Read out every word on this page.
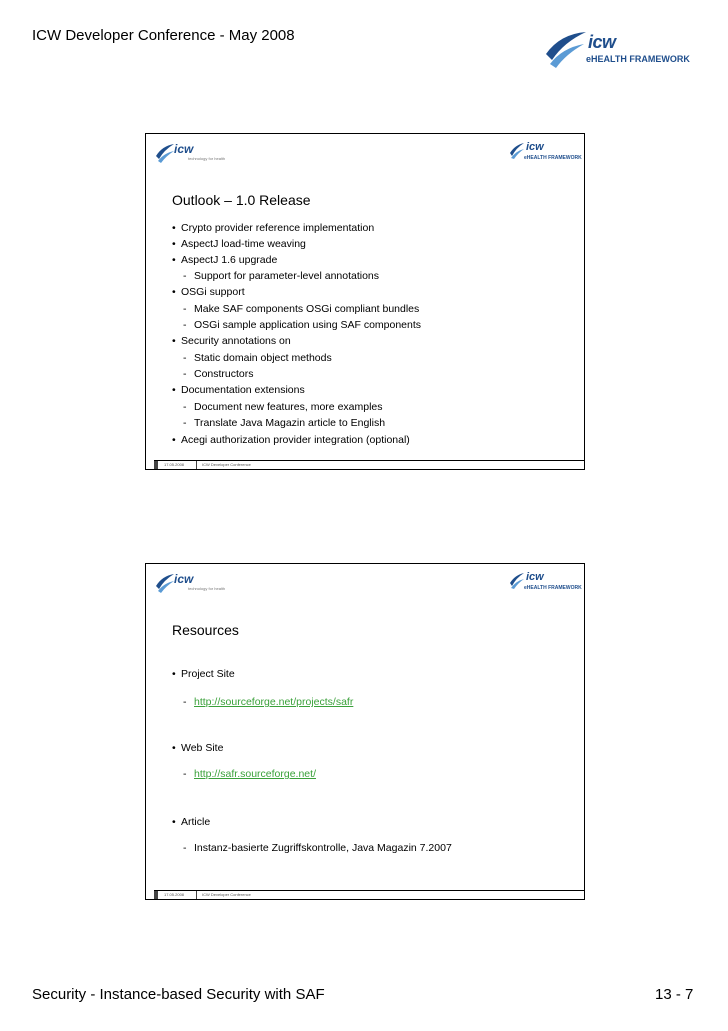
ICW Developer Conference - May 2008	icw
eHEALTH FRAMEWORK
icw
technology for health
icw
eHEALTH FRAMEWORK
Outlook – 1.0 Release
• Crypto provider reference implementation
• AspectJ load-time weaving
• AspectJ 1.6 upgrade
- Support for parameter-level annotations
• OSGi support
- Make SAF components OSGi compliant bundles
- OSGi sample application using SAF components
• Security annotations on
- Static domain object methods
- Constructors
• Documentation extensions
- Document new features, more examples
- Translate Java Magazin article to English
• Acegi authorization provider integration (optional)
17.05.2008	ICW Developer Conference
icw
technology for health
icw
eHEALTH FRAMEWORK
Resources
• Project Site
- http://sourceforge.net/projects/safr
• Web Site
- http://safr.sourceforge.net/
• Article
- Instanz-basierte Zugriffskontrolle, Java Magazin 7.2007
17.05.2008	ICW Developer Conference
Security - Instance-based Security with SAF	13 - 7
